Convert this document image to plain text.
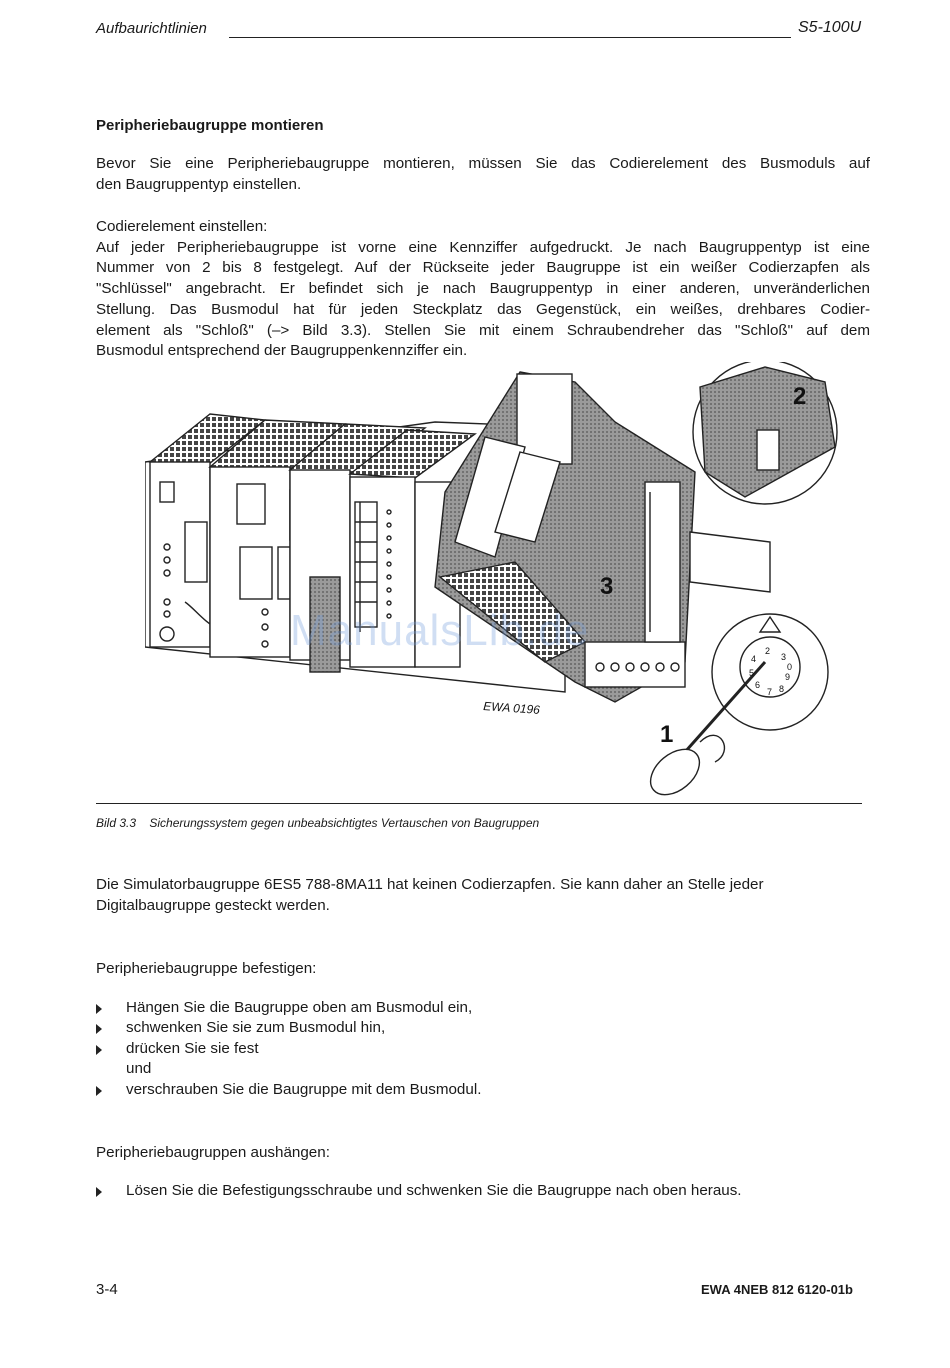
Aufbaurichtlinien	S5-100U
Peripheriebaugruppe montieren
Bevor Sie eine Peripheriebaugruppe montieren, müssen Sie das Codierelement des Busmoduls auf
den Baugruppentyp einstellen.
Codierelement einstellen:
Auf jeder Peripheriebaugruppe ist vorne eine Kennziffer aufgedruckt. Je nach Baugruppentyp ist eine
Nummer von 2 bis 8 festgelegt. Auf der Rückseite jeder Baugruppe ist ein weißer Codierzapfen als
"Schlüssel" angebracht. Er befindet sich je nach Baugruppentyp in einer anderen, unveränderlichen
Stellung. Das Busmodul hat für jeden Steckplatz das Gegenstück, ein weißes, drehbares Codier-
element als "Schloß" (–> Bild 3.3). Stellen Sie mit einem Schraubendreher das "Schloß" auf dem
Busmodul entsprechend der Baugruppenkennziffer ein.
EWA 0196
1
2
3
2
3
4
5
6
7 8
9
0
ManualsLib.de
Bild 3.3 Sicherungssystem gegen unbeabsichtigtes Vertauschen von Baugruppen
Die Simulatorbaugruppe 6ES5 788-8MA11 hat keinen Codierzapfen. Sie kann daher an Stelle jeder
Digitalbaugruppe gesteckt werden.
Peripheriebaugruppe befestigen:
Hängen Sie die Baugruppe oben am Busmodul ein,
schwenken Sie sie zum Busmodul hin,
drücken Sie sie fest
und
verschrauben Sie die Baugruppe mit dem Busmodul.
Peripheriebaugruppen aushängen:
Lösen Sie die Befestigungsschraube und schwenken Sie die Baugruppe nach oben heraus.
3-4	EWA 4NEB 812 6120-01b
